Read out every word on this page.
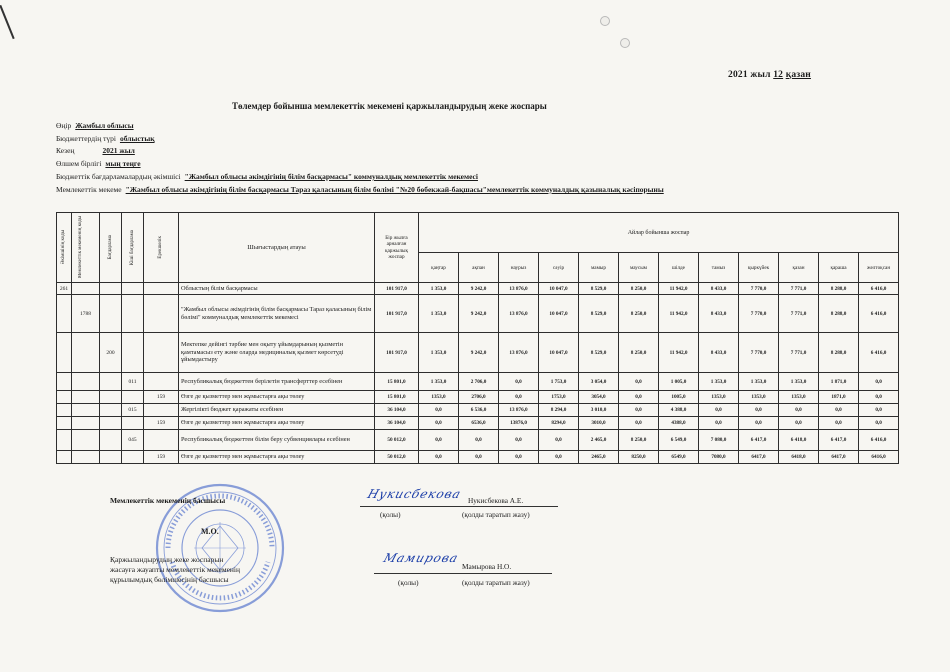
2021 жыл 12 қазан
Төлемдер бойынша мемлекеттік мекемені қаржыландырудың жеке жоспары
Өңір Жамбыл облысы
Бюджеттердің түрі облыстық
Кезең	2021 жыл
Өлшем бірлігі мың теңге
Бюджеттік бағдарламалардың әкімшісі "Жамбыл облысы әкімдігінің білім басқармасы" коммуналдық мемлекеттік мекемесі
Мемлекеттік мекеме "Жамбыл облысы әкімдігінің білім басқармасы Тараз қаласының білім бөлімі "№20 бөбекжай-бақшасы"мемлекеттік коммуналдық қазыналық кәсіпорыны
Әкімшінің коды	Мемлекеттік мекеменің коды	Бағдарлама	Кіші бағдарлама	Ерекшелік	Шығыстардың атауы	Бір жылға арналған қаржылық жоспар	Айлар бойынша жоспар											
							қаңтар	ақпан	наурыз	сәуір	мамыр	маусым	шілде	тамыз	қыркүйек	қазан	қараша	желтоқсан
261					Облыстың білім басқармасы	101 917,0	1 353,0	9 242,0	13 876,0	10 047,0	8 529,0	8 250,0	11 942,0	8 433,0	7 770,0	7 771,0	8 288,0	6 416,0
	1788				"Жамбыл облысы әкімдігінің білім басқармасы Тараз қаласының білім бөлімі" коммуналдық мемлекеттік мекемесі	101 917,0	1 353,0	9 242,0	13 876,0	10 047,0	8 529,0	8 250,0	11 942,0	8 433,0	7 770,0	7 771,0	8 288,0	6 416,0
		200			Мектепке дейінгі тәрбие мен оқыту ұйымдарының қызметін қамтамасыз ету және оларда медициналық қызмет көрсетуді ұйымдастыру	101 917,0	1 353,0	9 242,0	13 876,0	10 047,0	8 529,0	8 250,0	11 942,0	8 433,0	7 770,0	7 771,0	8 288,0	6 416,0
			011		Республикалық бюджеттен берілетін трансферттер есебінен	15 801,0	1 353,0	2 706,0	0,0	1 753,0	3 054,0	0,0	1 005,0	1 353,0	1 353,0	1 353,0	1 871,0	0,0
				159	Өзге де қызметтер мен жұмыстарға ақы төлеу	15 801,0	1353,0	2706,0	0,0	1753,0	3054,0	0,0	1005,0	1353,0	1353,0	1353,0	1871,0	0,0
			015		Жергілікті бюджет қаражаты есебінен	36 104,0	0,0	6 536,0	13 876,0	8 294,0	3 010,0	0,0	4 388,0	0,0	0,0	0,0	0,0	0,0
				159	Өзге де қызметтер мен жұмыстарға ақы төлеу	36 104,0	0,0	6536,0	13876,0	8294,0	3010,0	0,0	4388,0	0,0	0,0	0,0	0,0	0,0
			045		Республикалық бюджеттен білім беру субвенциялары есебінен	50 012,0	0,0	0,0	0,0	0,0	2 465,0	8 250,0	6 549,0	7 080,0	6 417,0	6 418,0	6 417,0	6 416,0
				159	Өзге де қызметтер мен жұмыстарға ақы төлеу	50 012,0	0,0	0,0	0,0	0,0	2465,0	8250,0	6549,0	7080,0	6417,0	6418,0	6417,0	6416,0
М.О.
Мемлекеттік мекеменің басшысы	Нукисбекова Нукисбекова А.Е.
(қолы)	(қолды таратып жазу)
Қаржыландырудың жеке жоспарын
жасауға жауапты мемлекеттік мекеменің
құрылымдық бөлімшесінің басшысы
Мамирова
Мамырова Н.О.
(қолы)	(қолды таратып жазу)
